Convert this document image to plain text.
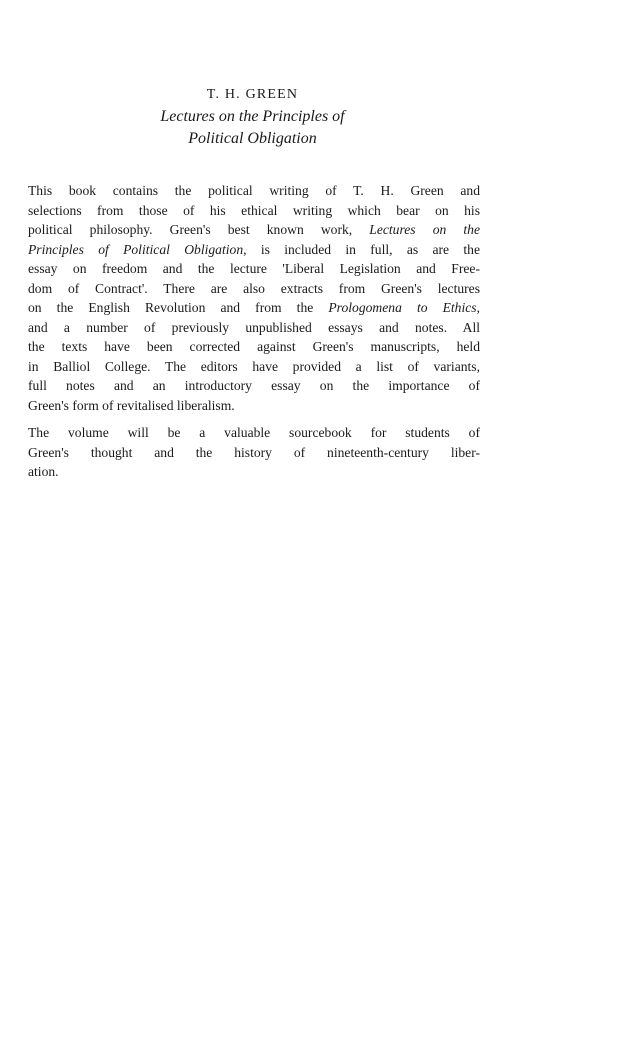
T. H. GREEN
Lectures on the Principles of
Political Obligation
This book contains the political writing of T. H. Green and
selections from those of his ethical writing which bear on his
political philosophy. Green's best known work, Lectures on the
Principles of Political Obligation, is included in full, as are the
essay on freedom and the lecture 'Liberal Legislation and Free-
dom of Contract'. There are also extracts from Green's lectures
on the English Revolution and from the Prologomena to Ethics,
and a number of previously unpublished essays and notes. All
the texts have been corrected against Green's manuscripts, held
in Balliol College. The editors have provided a list of variants,
full notes and an introductory essay on the importance of
Green's form of revitalised liberalism.
The volume will be a valuable sourcebook for students of
Green's thought and the history of nineteenth-century liber-
ation.
